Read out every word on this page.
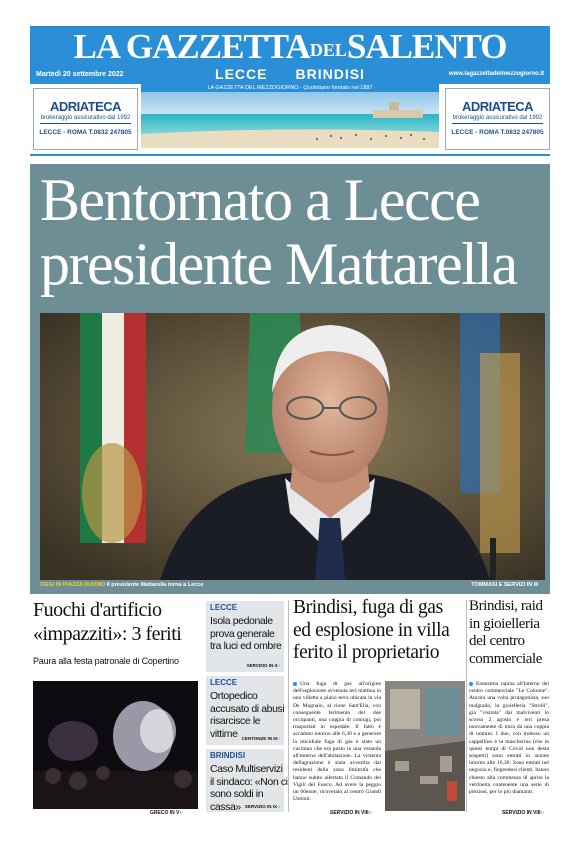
LA GAZZETTADELSALENTO
Martedì 20 settembre 2022	LECCE BRINDISI	www.lagazzettadelmezzogiorno.it
LA GAZZETTA DEL MEZZOGIORNO · Quotidiano fondato nel 1887
ADRIATECA
brokeraggio assicurativo dal 1992
LECCE - ROMA T.0832 247805
ADRIATECA
brokeraggio assicurativo dal 1992
LECCE - ROMA T.0832 247805
Bentornato a Lecce
presidente Mattarella
OGGI IN PIAZZA DUOMO Il presidente Mattarella torna a Lecce	TOMMASI E SERVIZI IN III››
Fuochi d'artificio «impazziti»: 3 feriti
Paura alla festa patronale di Copertino
GRECO IN V››
LECCE
Isola pedonale prova generale tra luci ed ombre
SERVIZIO IN II››
LECCE
Ortopedico accusato di abusi risarcisce le vittime CENTONZE IN III››
BRINDISI
Caso Multiservizi il sindaco: «Non ci sono soldi in cassa» SERVIZIO IN IX››
Brindisi, fuga di gas ed esplosione in villa ferito il proprietario
Una fuga di gas all'origine dell'esplosione avvenuta ieri mattina in una villetta a piano terra ubicata in via De Mugnaio, al rione Sant'Elia, con conseguente ferimento del due occupanti, una coppia di coniugi, poi trasportati in ospedale. Il fatto è accaduto intorno alle 6,30 e a generare la micidiale fuga di gas è stato un cucinino che era posto in una veranda all'esterno dell'abitazione. La violenta deflagrazione è stata avvertita dai residenti della zona limitrofa che hanno subito allertato il Comando dei Vigili del Fuoco. Ad avere la peggio un 66enne, ricoverato al centro Grandi Ustioni.
SERVIZIO IN VIII››
Brindisi, raid in gioielleria del centro commerciale
Ennesima rapina all'interno del centro commerciale "Le Colonne". Ancora una volta protagonista, suo malgrado, la gioielleria "Stroili", già "visitata" dai malviventi lo scorso 2 agosto e ieri presa nuovamente di mira da una coppia di uomini. I due, con indosso un cappellino e la mascherina (che in questi tempi di Covid non desta sospetti) sono entrati in azione intorno alle 16,30. Sono entrati nel negozio e, fingendosi clienti, hanno chiesto alla commessa di aprire la vetrinetta contenente una serie di preziosi, per lo più diamanti.
SERVIZIO IN VIII››
